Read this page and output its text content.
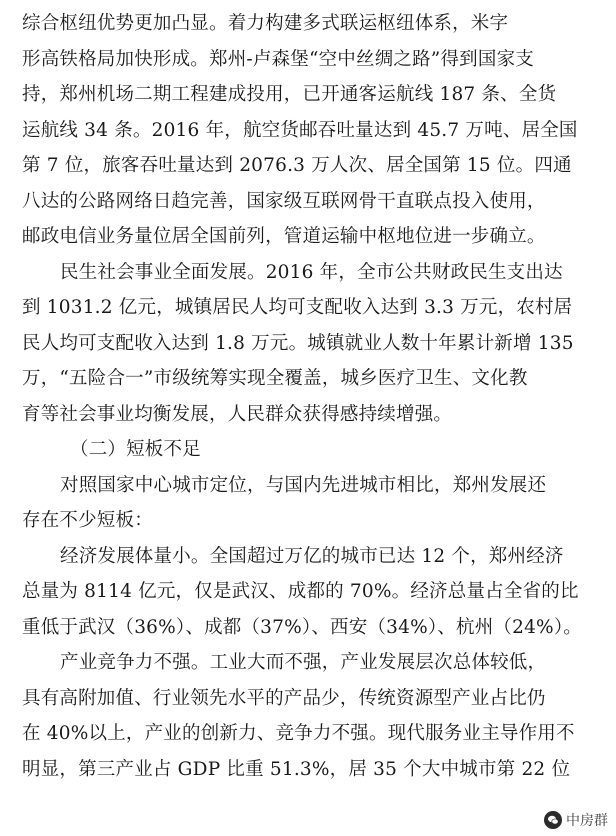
综合枢纽优势更加凸显。着力构建多式联运枢纽体系，米字
形高铁格局加快形成。郑州-卢森堡“空中丝绸之路”得到国家支
持，郑州机场二期工程建成投用，已开通客运航线 187 条、全货
运航线 34 条。2016 年，航空货邮吞吐量达到 45.7 万吨、居全国
第 7 位，旅客吞吐量达到 2076.3 万人次、居全国第 15 位。四通
八达的公路网络日趋完善，国家级互联网骨干直联点投入使用，
邮政电信业务量位居全国前列，管道运输中枢地位进一步确立。
民生社会事业全面发展。2016 年，全市公共财政民生支出达
到 1031.2 亿元，城镇居民人均可支配收入达到 3.3 万元，农村居
民人均可支配收入达到 1.8 万元。城镇就业人数十年累计新增 135
万，“五险合一”市级统筹实现全覆盖，城乡医疗卫生、文化教
育等社会事业均衡发展，人民群众获得感持续增强。
（二）短板不足
对照国家中心城市定位，与国内先进城市相比，郑州发展还
存在不少短板：
经济发展体量小。全国超过万亿的城市已达 12 个，郑州经济
总量为 8114 亿元，仅是武汉、成都的 70%。经济总量占全省的比
重低于武汉（36%）、成都（37%）、西安（34%）、杭州（24%）。
产业竞争力不强。工业大而不强，产业发展层次总体较低，
具有高附加值、行业领先水平的产品少，传统资源型产业占比仍
在 40%以上，产业的创新力、竞争力不强。现代服务业主导作用不
明显，第三产业占 GDP 比重 51.3%，居 35 个大中城市第 22 位
中房群
